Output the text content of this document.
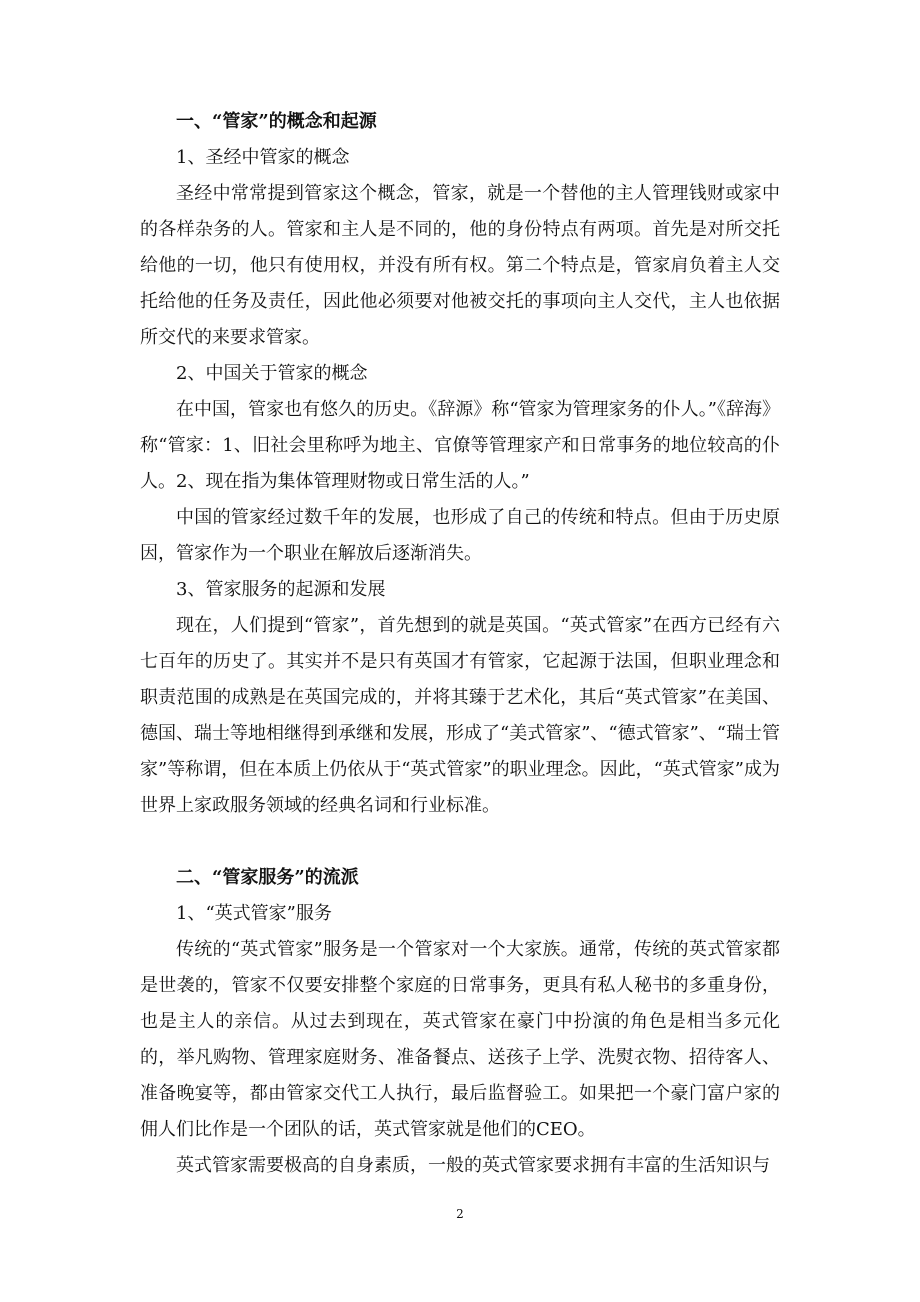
一、“管家”的概念和起源

1、圣经中管家的概念

圣经中常常提到管家这个概念，管家，就是一个替他的主人管理钱财或家中的各样杂务的人。管家和主人是不同的，他的身份特点有两项。首先是对所交托给他的一切，他只有使用权，并没有所有权。第二个特点是，管家肩负着主人交托给他的任务及责任，因此他必须要对他被交托的事项向主人交代，主人也依据所交代的来要求管家。

2、中国关于管家的概念

在中国，管家也有悠久的历史。《辞源》称“管家为管理家务的仆人。”《辞海》称“管家：1、旧社会里称呼为地主、官僚等管理家产和日常事务的地位较高的仆人。2、现在指为集体管理财物或日常生活的人。”

中国的管家经过数千年的发展，也形成了自己的传统和特点。但由于历史原因，管家作为一个职业在解放后逐渐消失。

3、管家服务的起源和发展

现在，人们提到“管家”，首先想到的就是英国。“英式管家”在西方已经有六七百年的历史了。其实并不是只有英国才有管家，它起源于法国，但职业理念和职责范围的成熟是在英国完成的，并将其臻于艺术化，其后“英式管家”在美国、德国、瑞士等地相继得到承继和发展，形成了“美式管家”、“德式管家”、“瑞士管家”等称谓，但在本质上仍依从于“英式管家”的职业理念。因此，“英式管家”成为世界上家政服务领域的经典名词和行业标准。

二、“管家服务”的流派

1、“英式管家”服务

传统的“英式管家”服务是一个管家对一个大家族。通常，传统的英式管家都是世袭的，管家不仅要安排整个家庭的日常事务，更具有私人秘书的多重身份，也是主人的亲信。从过去到现在，英式管家在豪门中扮演的角色是相当多元化的，举凡购物、管理家庭财务、准备餐点、送孩子上学、洗熨衣物、招待客人、准备晚宴等，都由管家交代工人执行，最后监督验工。如果把一个豪门富户家的佣人们比作是一个团队的话，英式管家就是他们的CEO。

英式管家需要极高的自身素质，一般的英式管家要求拥有丰富的生活知识与

2
